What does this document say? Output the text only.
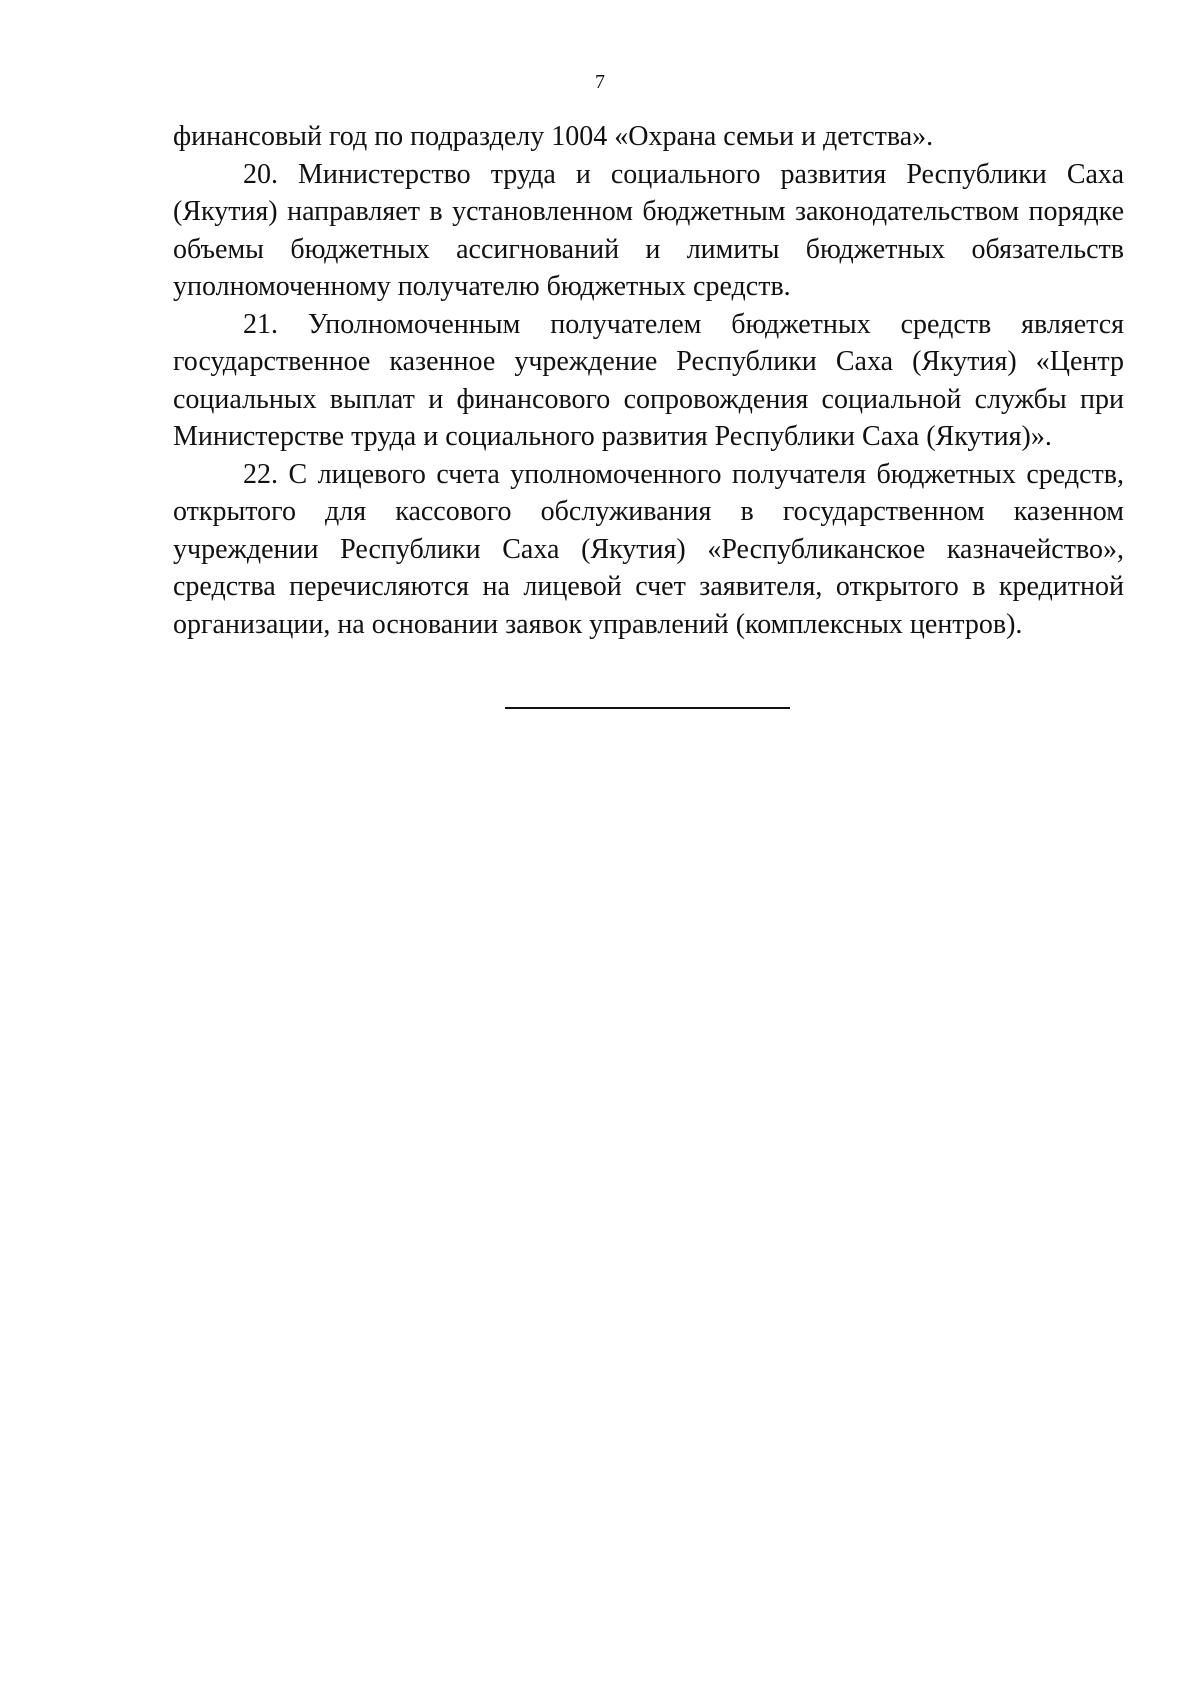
7

финансовый год по подразделу 1004 «Охрана семьи и детства».

20. Министерство труда и социального развития Республики Саха (Якутия) направляет в установленном бюджетным законодательством порядке объемы бюджетных ассигнований и лимиты бюджетных обязательств уполномоченному получателю бюджетных средств.

21. Уполномоченным получателем бюджетных средств является государственное казенное учреждение Республики Саха (Якутия) «Центр социальных выплат и финансового сопровождения социальной службы при Министерстве труда и социального развития Республики Саха (Якутия)».

22. С лицевого счета уполномоченного получателя бюджетных средств, открытого для кассового обслуживания в государственном казенном учреждении Республики Саха (Якутия) «Республиканское казначейство», средства перечисляются на лицевой счет заявителя, открытого в кредитной организации, на основании заявок управлений (комплексных центров).
